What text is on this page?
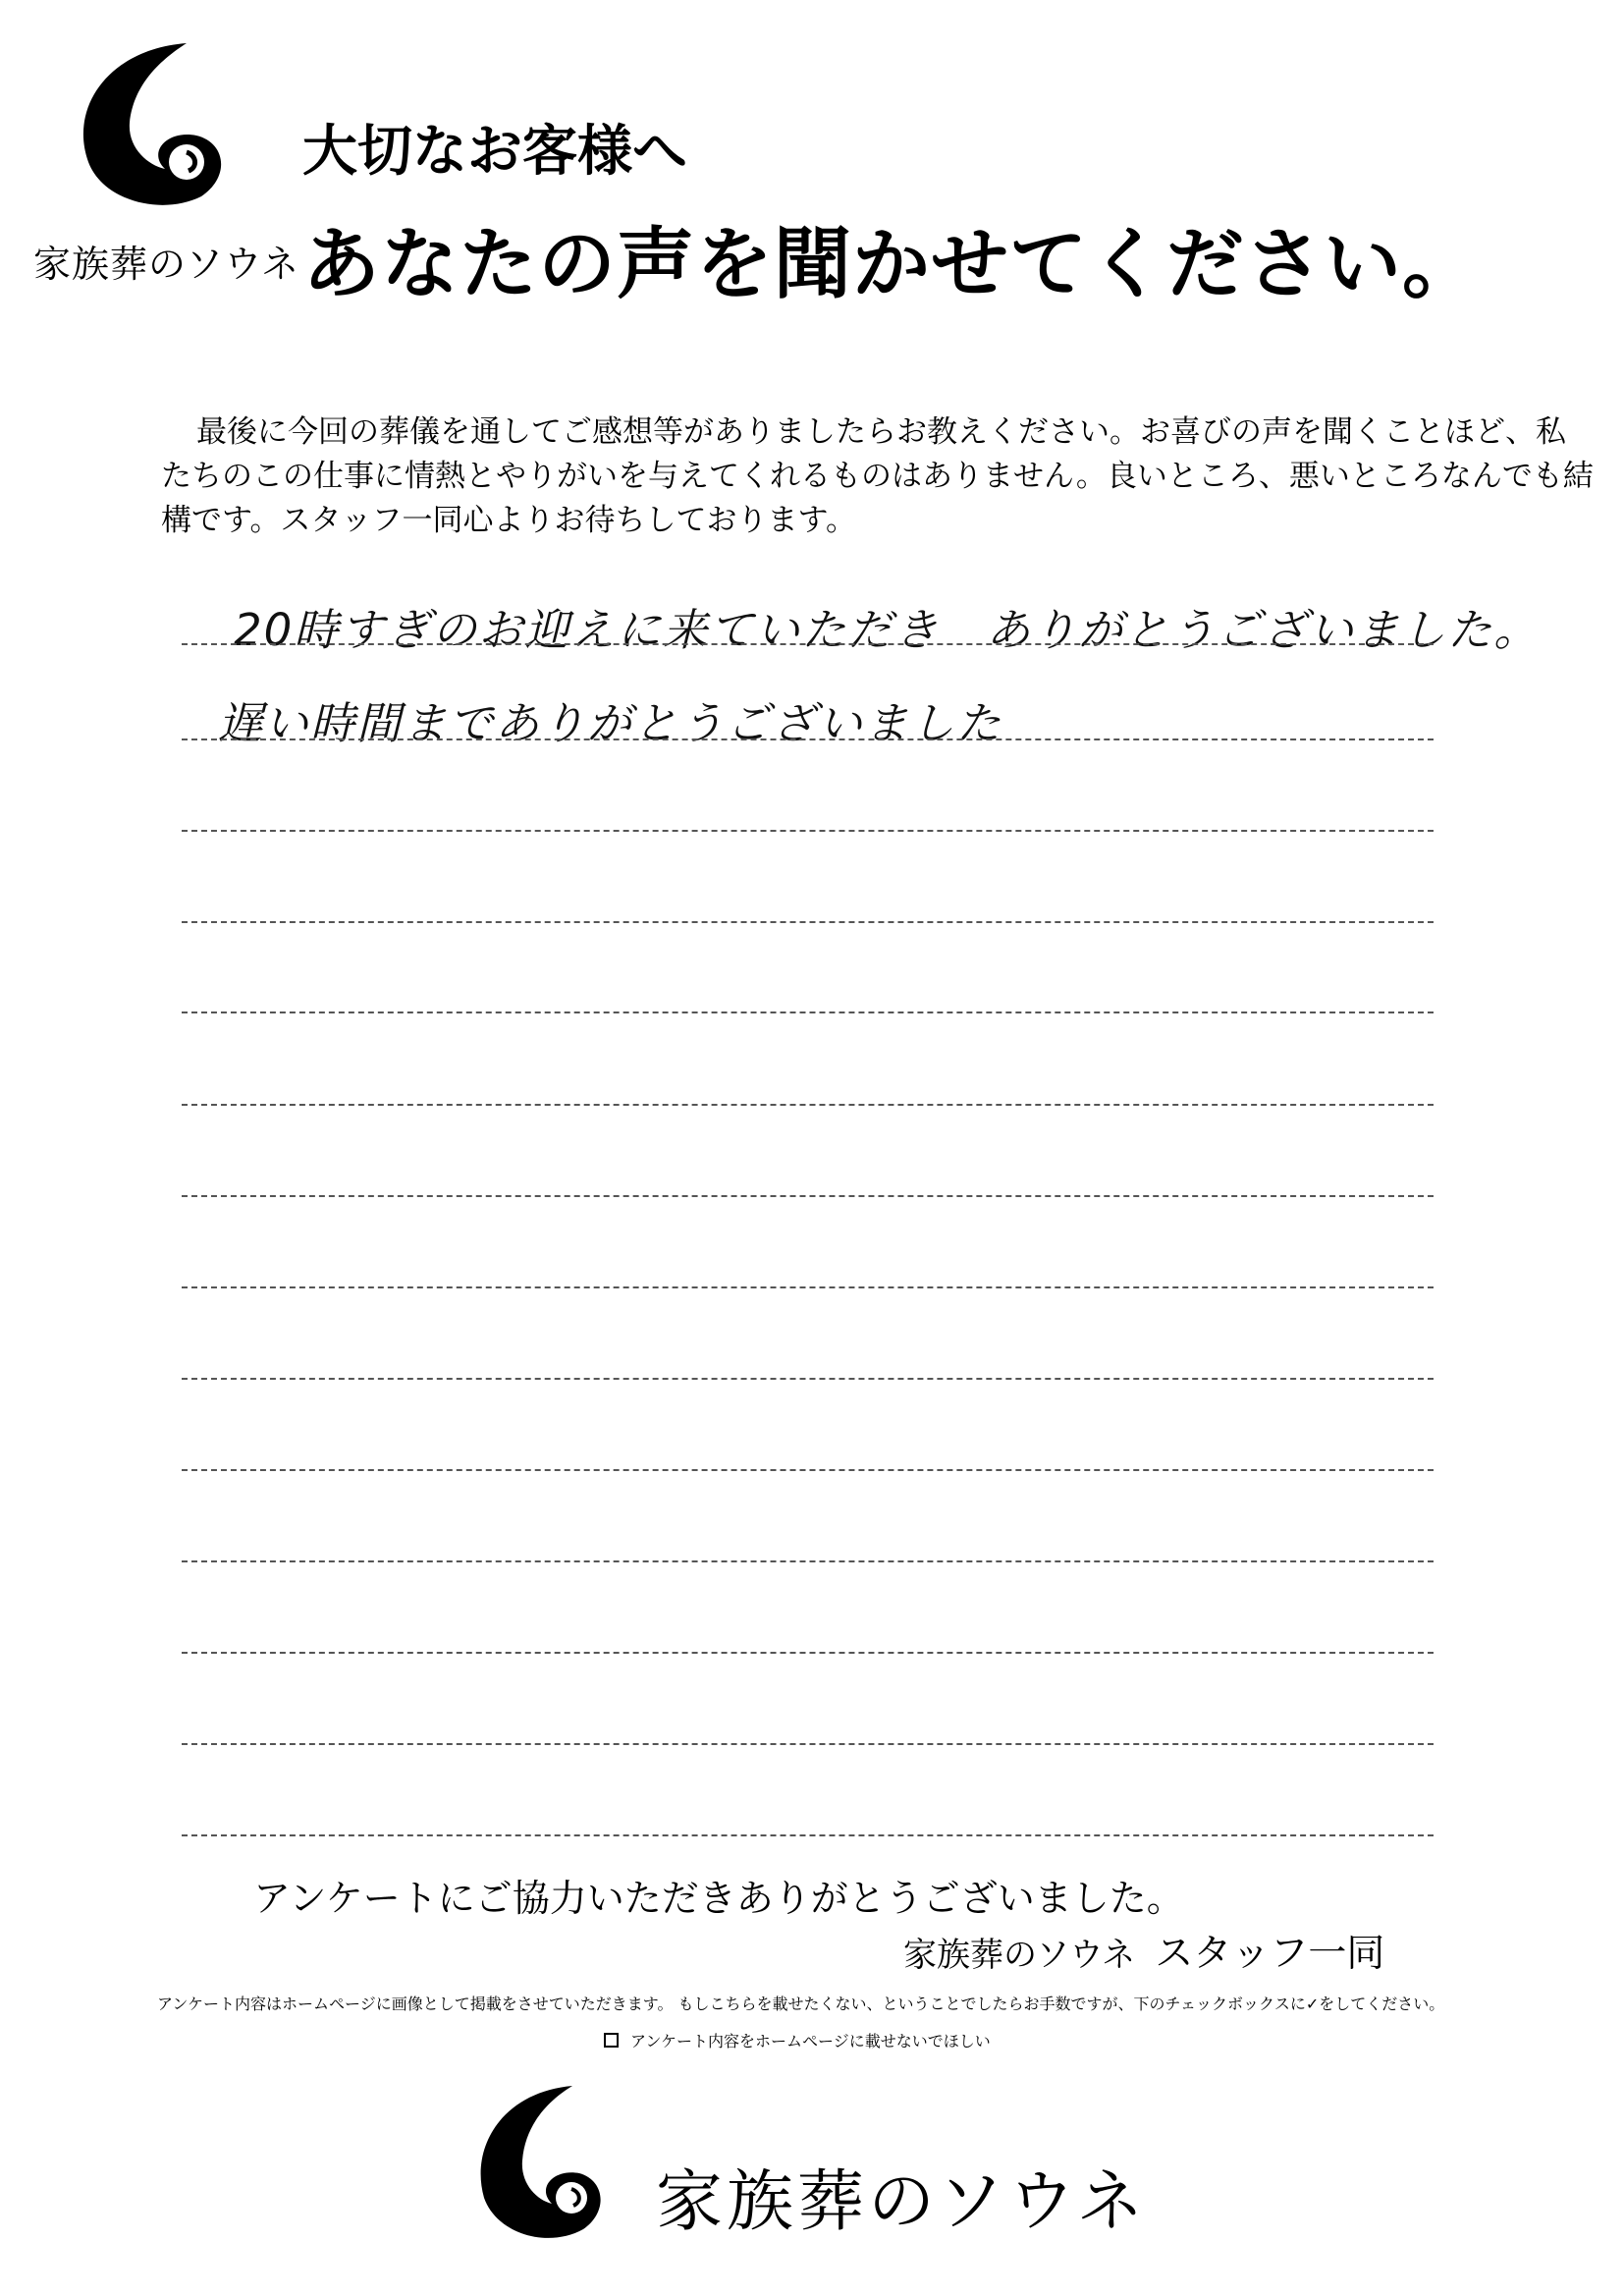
家族葬のソウネ
大切なお客様へ
あなたの声を聞かせてください。

最後に今回の葬儀を通してご感想等がありましたらお教えください。お喜びの声を聞くことほど、私

たちのこの仕事に情熱とやりがいを与えてくれるものはありません。良いところ、悪いところなんでも結

構です。スタッフ一同心よりお待ちしております。

20時すぎのお迎えに来ていただき　ありがとうございました。
遅い時間までありがとうございました
アンケートにご協力いただきありがとうございました。
家族葬のソウネ スタッフ一同
アンケート内容はホームページに画像として掲載をさせていただきます。 もしこちらを載せたくない、ということでしたらお手数ですが、下のチェックボックスに✓をしてください。
アンケート内容をホームページに載せないでほしい
家族葬のソウネ
